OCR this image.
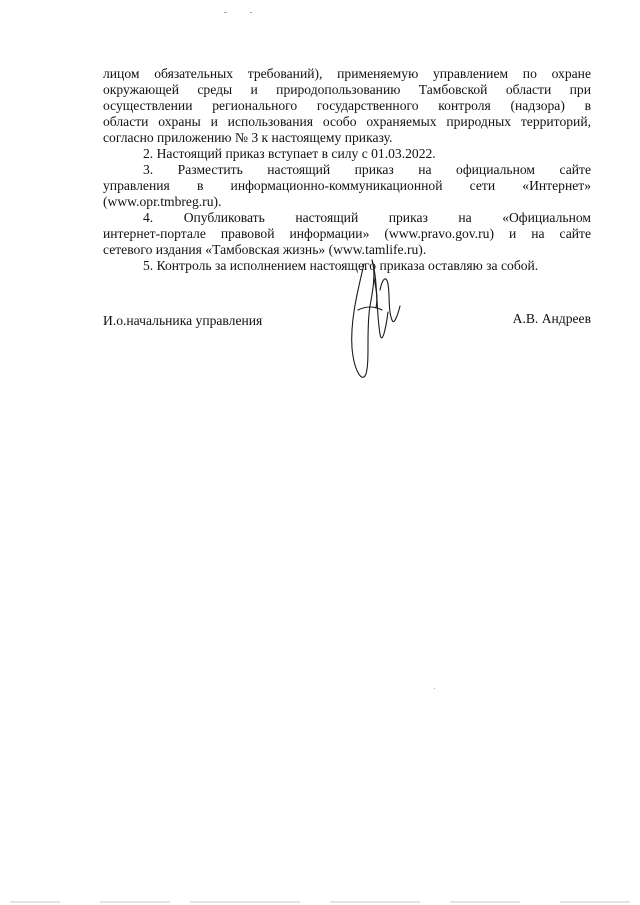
лицом обязательных требований), применяемую управлением по охране
окружающей среды и природопользованию Тамбовской области при
осуществлении регионального государственного контроля (надзора) в
области охраны и использования особо охраняемых природных территорий,
согласно приложению № 3 к настоящему приказу.

2. Настоящий приказ вступает в силу с 01.03.2022.

3. Разместить настоящий приказ на официальном сайте
управления в информационно-коммуникационной сети «Интернет»
(www.opr.tmbreg.ru).

4. Опубликовать настоящий приказ на «Официальном
интернет-портале правовой информации» (www.pravo.gov.ru) и на сайте
сетевого издания «Тамбовская жизнь» (www.tamlife.ru).

5. Контроль за исполнением настоящего приказа оставляю за собой.

И.о.начальника управления	А.В. Андреев
